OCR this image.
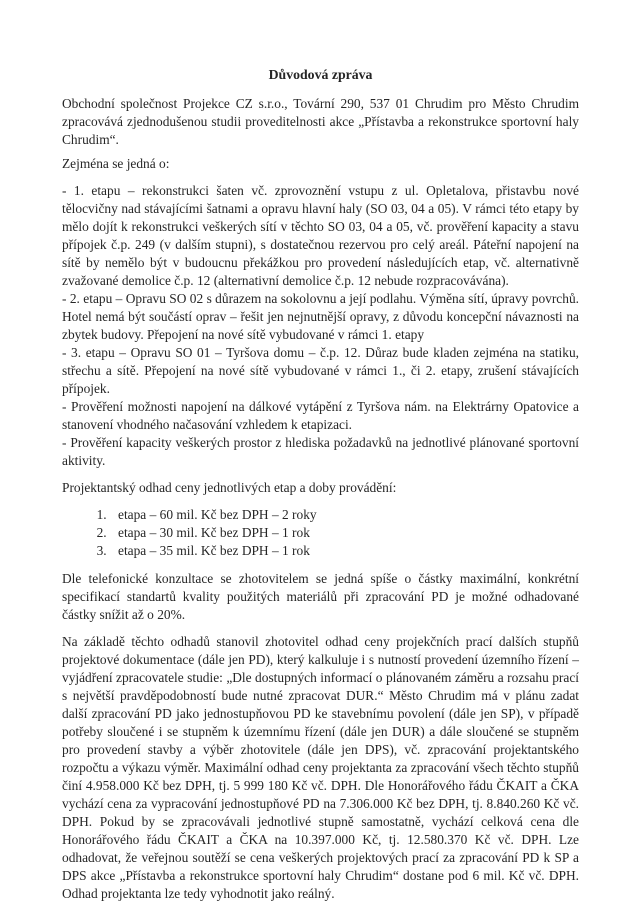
Důvodová zpráva

Obchodní společnost Projekce CZ s.r.o., Tovární 290, 537 01 Chrudim pro Město Chrudim zpracovává zjednodušenou studii proveditelnosti akce „Přístavba a rekonstrukce sportovní haly Chrudim“.

Zejména se jedná o:

- 1. etapu – rekonstrukci šaten vč. zprovoznění vstupu z ul. Opletalova, přistavbu nové tělocvičny nad stávajícími šatnami a opravu hlavní haly (SO 03, 04 a 05). V rámci této etapy by mělo dojít k rekonstrukci veškerých sítí v těchto SO 03, 04 a 05, vč. prověření kapacity a stavu přípojek č.p. 249 (v dalším stupni), s dostatečnou rezervou pro celý areál. Páteřní napojení na sítě by nemělo být v budoucnu překážkou pro provedení následujících etap, vč. alternativně zvažované demolice č.p. 12 (alternativní demolice č.p. 12 nebude rozpracovávána).

- 2. etapu – Opravu SO 02 s důrazem na sokolovnu a její podlahu. Výměna sítí, úpravy povrchů. Hotel nemá být součástí oprav – řešit jen nejnutnější opravy, z důvodu koncepční návaznosti na zbytek budovy. Přepojení na nové sítě vybudované v rámci 1. etapy

- 3. etapu – Opravu SO 01 – Tyršova domu – č.p. 12. Důraz bude kladen zejména na statiku, střechu a sítě. Přepojení na nové sítě vybudované v rámci 1., či 2. etapy, zrušení stávajících přípojek.

- Prověření možnosti napojení na dálkové vytápění z Tyršova nám. na Elektrárny Opatovice a stanovení vhodného načasování vzhledem k etapizaci.

- Prověření kapacity veškerých prostor z hlediska požadavků na jednotlivé plánované sportovní aktivity.

Projektantský odhad ceny jednotlivých etap a doby provádění:

1. etapa – 60 mil. Kč bez DPH – 2 roky
2. etapa – 30 mil. Kč bez DPH – 1 rok
3. etapa – 35 mil. Kč bez DPH – 1 rok

Dle telefonické konzultace se zhotovitelem se jedná spíše o částky maximální, konkrétní specifikací standartů kvality použitých materiálů při zpracování PD je možné odhadované částky snížit až o 20%.

Na základě těchto odhadů stanovil zhotovitel odhad ceny projekčních prací dalších stupňů projektové dokumentace (dále jen PD), který kalkuluje i s nutností provedení územního řízení – vyjádření zpracovatele studie: „Dle dostupných informací o plánovaném záměru a rozsahu prací s největší pravděpodobností bude nutné zpracovat DUR.“ Město Chrudim má v plánu zadat další zpracování PD jako jednostupňovou PD ke stavebnímu povolení (dále jen SP), v případě potřeby sloučené i se stupněm k územnímu řízení (dále jen DUR) a dále sloučené se stupněm pro provedení stavby a výběr zhotovitele (dále jen DPS), vč. zpracování projektantského rozpočtu a výkazu výměr. Maximální odhad ceny projektanta za zpracování všech těchto stupňů činí 4.958.000 Kč bez DPH, tj. 5 999 180 Kč vč. DPH. Dle Honorářového řádu ČKAIT a ČKA vychází cena za vypracování jednostupňové PD na 7.306.000 Kč bez DPH, tj. 8.840.260 Kč vč. DPH. Pokud by se zpracovávali jednotlivé stupně samostatně, vychází celková cena dle Honorářového řádu ČKAIT a ČKA na 10.397.000 Kč, tj. 12.580.370 Kč vč. DPH. Lze odhadovat, že veřejnou soutěží se cena veškerých projektových prací za zpracování PD k SP a DPS akce „Přístavba a rekonstrukce sportovní haly Chrudim“ dostane pod 6 mil. Kč vč. DPH. Odhad projektanta lze tedy vyhodnotit jako reálný.
